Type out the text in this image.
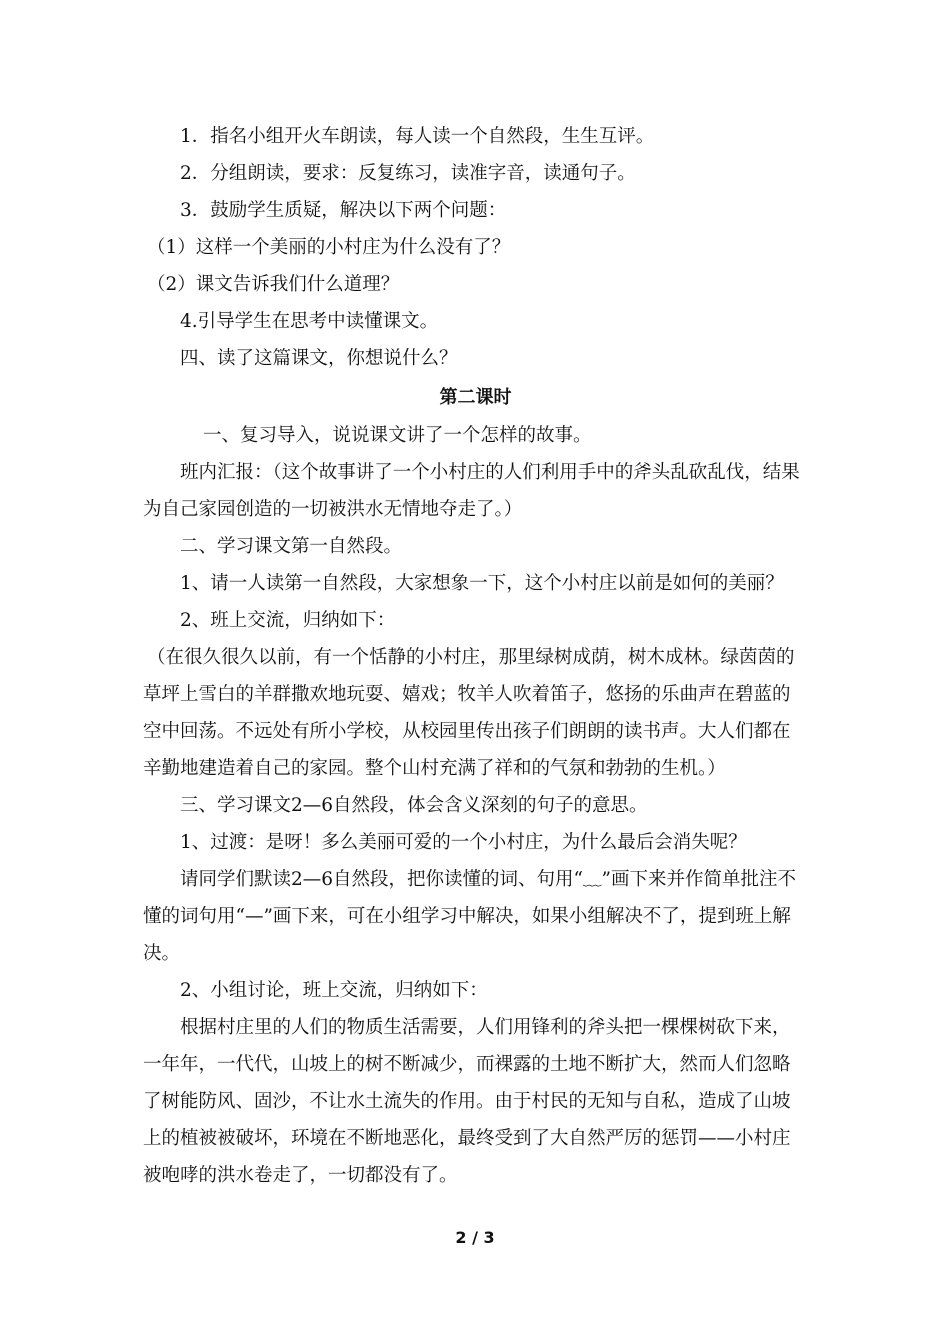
1．指名小组开火车朗读，每人读一个自然段，生生互评。

2．分组朗读，要求：反复练习，读准字音，读通句子。

3．鼓励学生质疑，解决以下两个问题：

（1）这样一个美丽的小村庄为什么没有了？

（2）课文告诉我们什么道理？

4.引导学生在思考中读懂课文。

四、读了这篇课文，你想说什么？

第二课时

一、复习导入，说说课文讲了一个怎样的故事。

班内汇报：（这个故事讲了一个小村庄的人们利用手中的斧头乱砍乱伐，结果为自己家园创造的一切被洪水无情地夺走了。）

二、学习课文第一自然段。

1、请一人读第一自然段，大家想象一下，这个小村庄以前是如何的美丽？

2、班上交流，归纳如下：

（在很久很久以前，有一个恬静的小村庄，那里绿树成荫，树木成林。绿茵茵的草坪上雪白的羊群撒欢地玩耍、嬉戏；牧羊人吹着笛子，悠扬的乐曲声在碧蓝的空中回荡。不远处有所小学校，从校园里传出孩子们朗朗的读书声。大人们都在辛勤地建造着自己的家园。整个山村充满了祥和的气氛和勃勃的生机。）

三、学习课文2—6自然段，体会含义深刻的句子的意思。

1、过渡：是呀！多么美丽可爱的一个小村庄，为什么最后会消失呢？

请同学们默读2—6自然段，把你读懂的词、句用“﹏”画下来并作简单批注不懂的词句用“—”画下来，可在小组学习中解决，如果小组解决不了，提到班上解决。

2、小组讨论，班上交流，归纳如下：

根据村庄里的人们的物质生活需要，人们用锋利的斧头把一棵棵树砍下来，一年年，一代代，山坡上的树不断减少，而裸露的土地不断扩大，然而人们忽略了树能防风、固沙，不让水土流失的作用。由于村民的无知与自私，造成了山坡上的植被被破坏，环境在不断地恶化，最终受到了大自然严厉的惩罚——小村庄被咆哮的洪水卷走了，一切都没有了。

2 / 3
